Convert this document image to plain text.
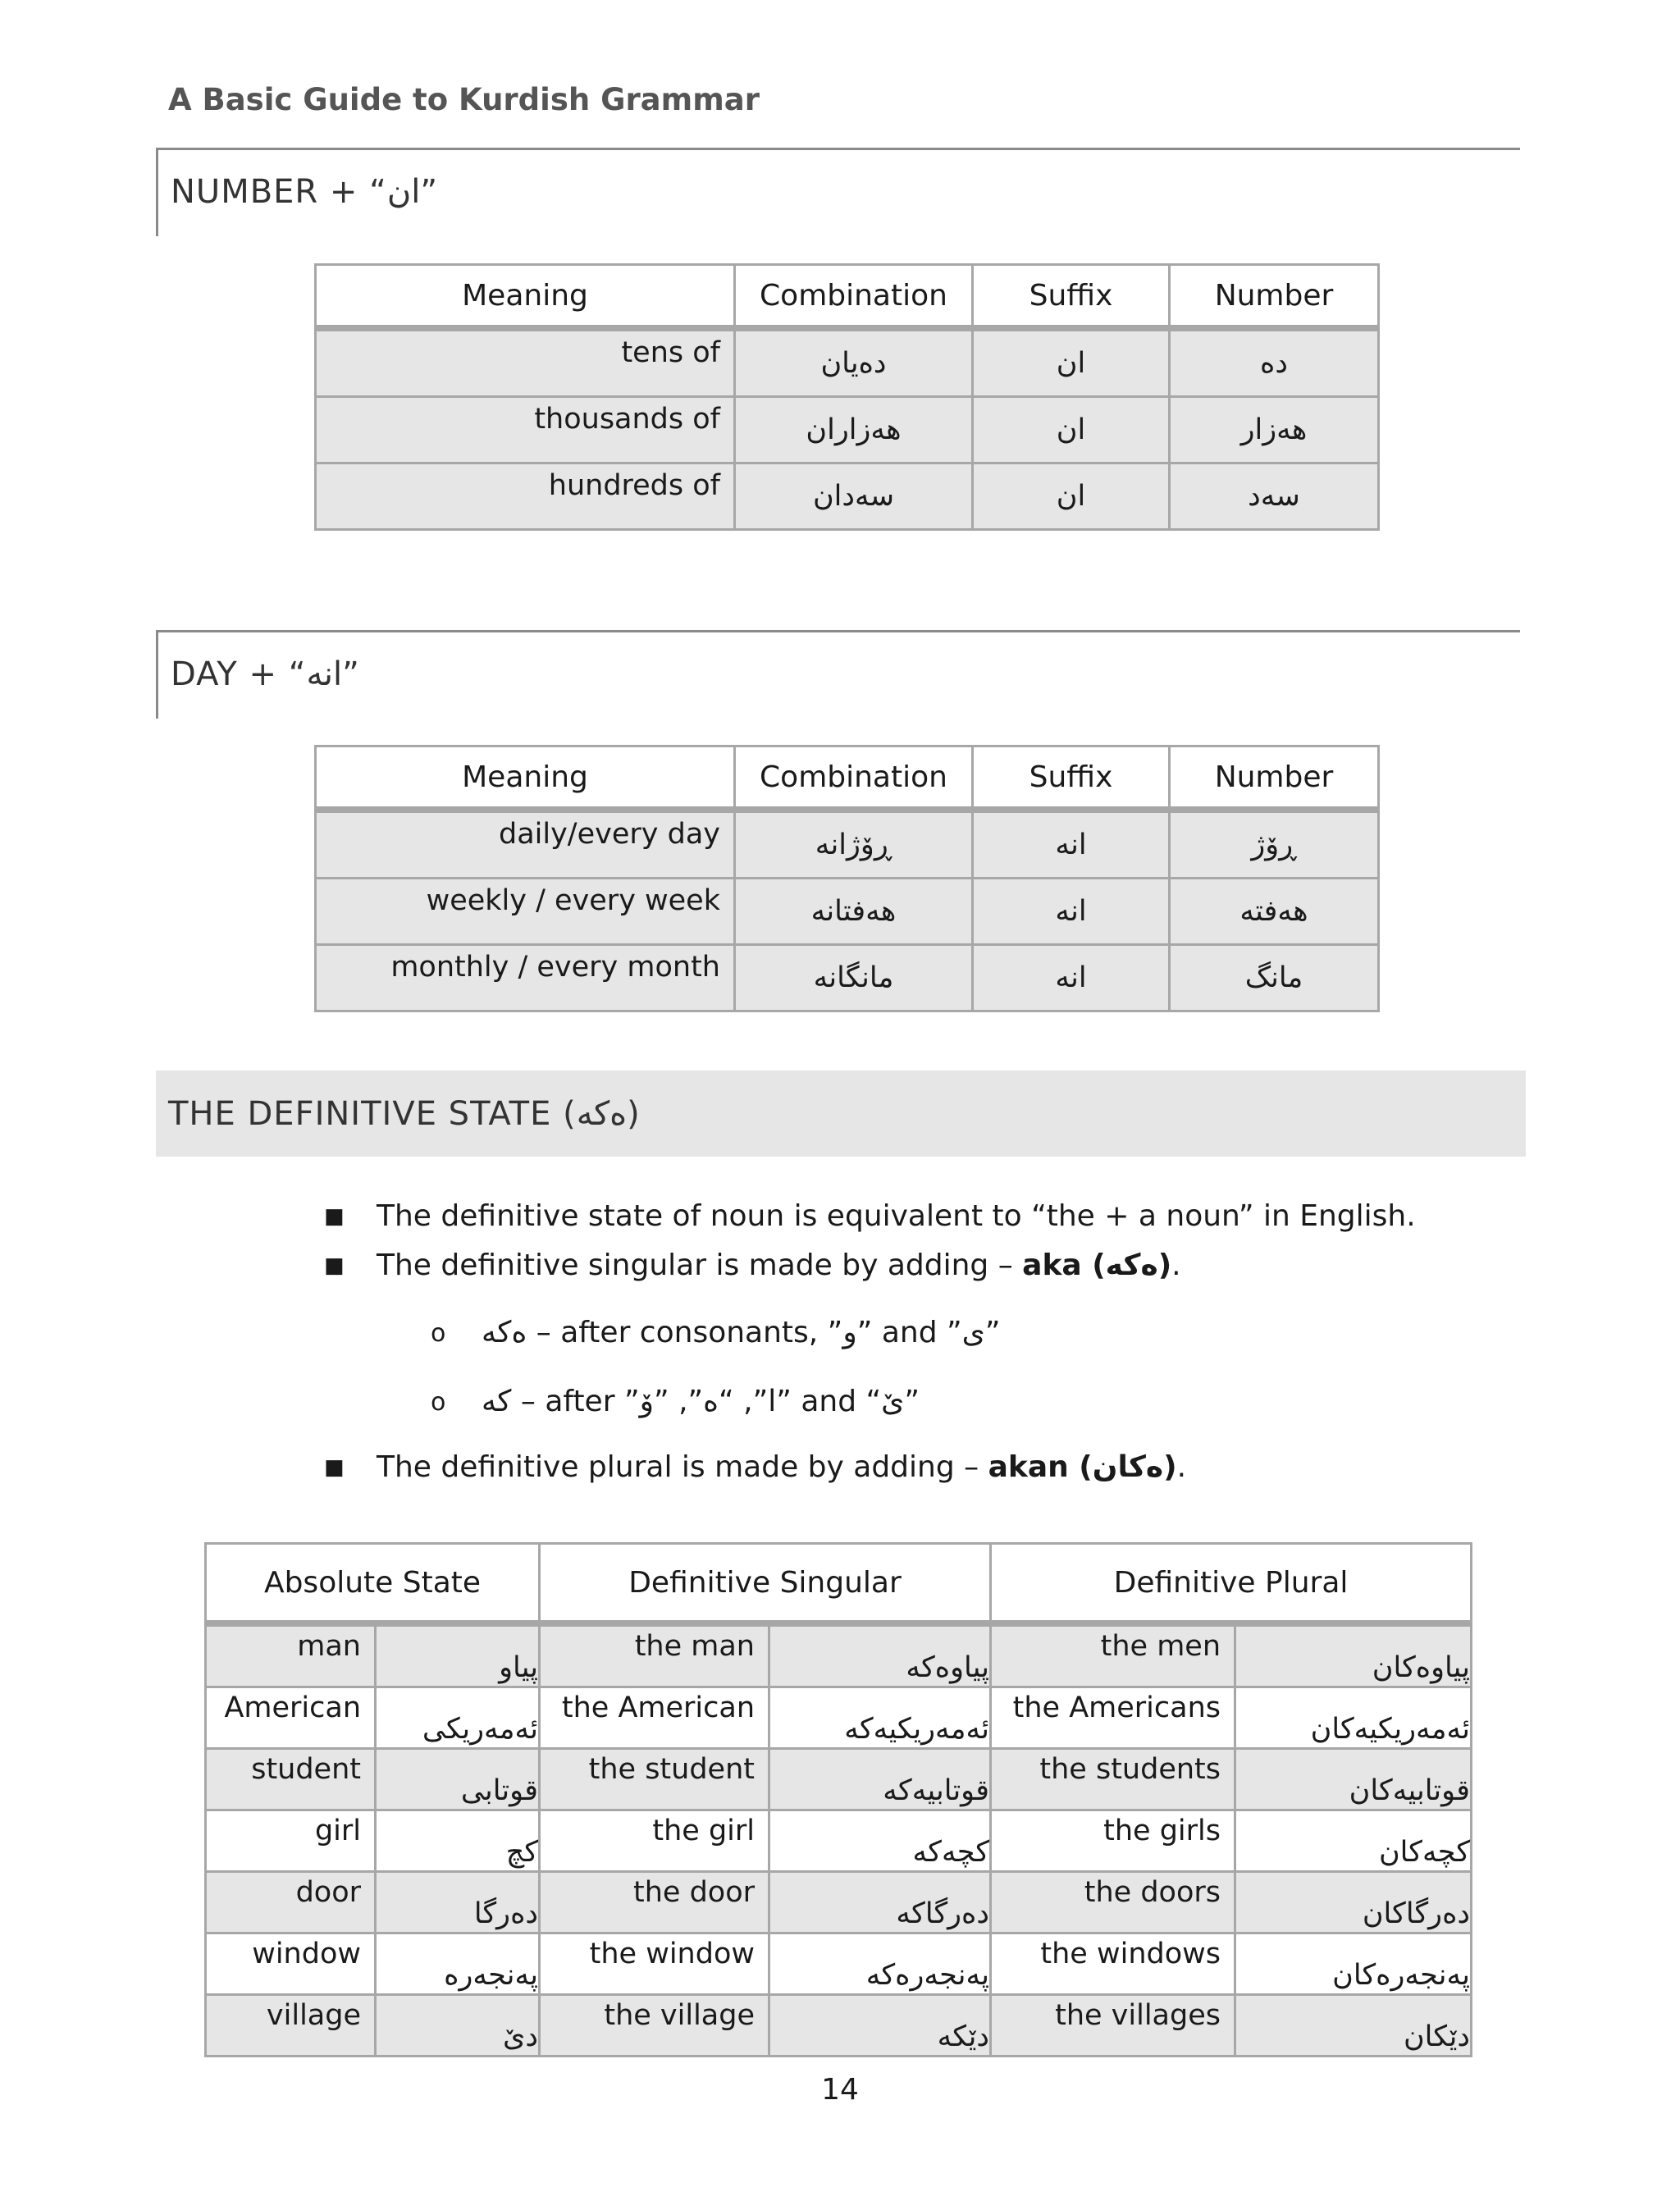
A Basic Guide to Kurdish Grammar
NUMBER + “ان”
Meaning	Combination	Suffix	Number
tens of	دەیان	ان	دە
thousands of	هەزاران	ان	هەزار
hundreds of	سەدان	ان	سەد
DAY + “انە”
Meaning	Combination	Suffix	Number
daily/every day	ڕۆژانە	انە	ڕۆژ
weekly / every week	هەفتانە	انە	هەفتە
monthly / every month	مانگانە	انە	مانگ
THE DEFINITIVE STATE (ەکە)
■ The definitive state of noun is equivalent to “the + a noun” in English.
■ The definitive singular is made by adding – aka (ەکە).
o ەکە – after consonants, ”و” and ”ی”
o کە – after ”ا”, “ە”, ”ۆ” and “ێ”
■ The definitive plural is made by adding – akan (ەکان).
Absolute State		Definitive Singular		Definitive Plural	
man	پیاو	the man	پیاوەکە	the men	پیاوەکان
American	ئەمەریکی	the American	ئەمەریکیەکە	the Americans	ئەمەریکیەکان
student	قوتابی	the student	قوتابیەکە	the students	قوتابیەکان
girl	کچ	the girl	کچەکە	the girls	کچەکان
door	دەرگا	the door	دەرگاکە	the doors	دەرگاکان
window	پەنجەرە	the window	پەنجەرەکە	the windows	پەنجەرەکان
village	دێ	the village	دێکە	the villages	دێکان
14
